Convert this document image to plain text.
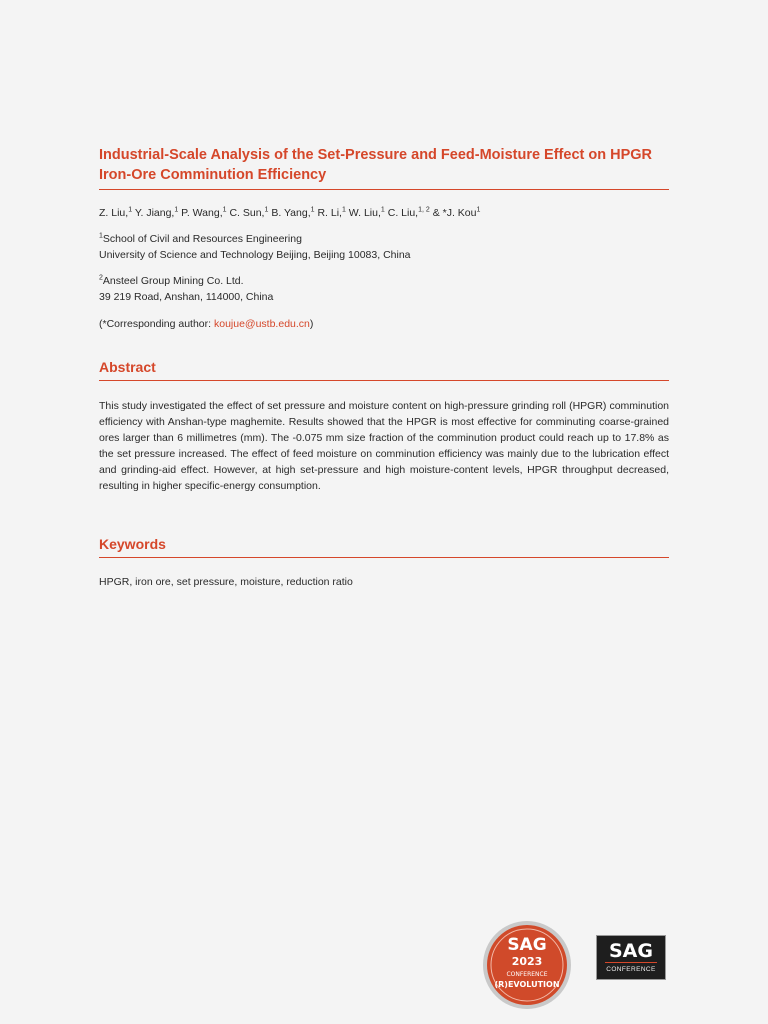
Industrial-Scale Analysis of the Set-Pressure and Feed-Moisture Effect on HPGR Iron-Ore Comminution Efficiency
Z. Liu,$^1$ Y. Jiang,$^1$ P. Wang,$^1$ C. Sun,$^1$ B. Yang,$^1$ R. Li,$^1$ W. Liu,$^1$ C. Liu,$^{1, 2}$ & *J. Kou$^1$
$^1$School of Civil and Resources Engineering
University of Science and Technology Beijing, Beijing 10083, China
$^2$Ansteel Group Mining Co. Ltd.
39 219 Road, Anshan, 114000, China
(*Corresponding author: koujue@ustb.edu.cn)
Abstract

This study investigated the effect of set pressure and moisture content on high-pressure grinding roll (HPGR) comminution efficiency with Anshan-type maghemite. Results showed that the HPGR is most effective for comminuting coarse-grained ores larger than 6 millimetres (mm). The -0.075 mm size fraction of the comminution product could reach up to 17.8% as the set pressure increased. The effect of feed moisture on comminution efficiency was mainly due to the lubrication effect and grinding-aid effect. However, at high set-pressure and high moisture-content levels, HPGR throughput decreased, resulting in higher specific-energy consumption.

Keywords

HPGR, iron ore, set pressure, moisture, reduction ratio

SAG
2023
CONFERENCE
(R)EVOLUTION
SAG
CONFERENCE
